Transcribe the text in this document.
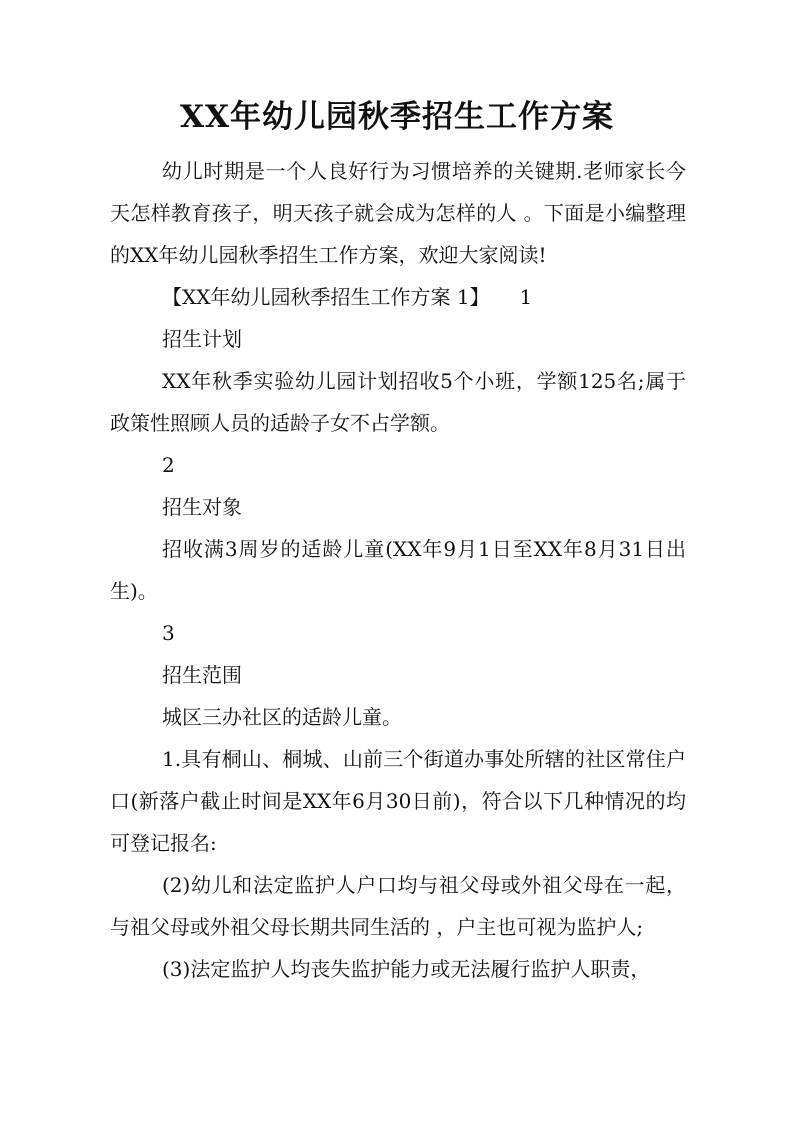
XX年幼儿园秋季招生工作方案

幼儿时期是一个人良好行为习惯培养的关键期.老师家长今天怎样教育孩子，明天孩子就会成为怎样的人 。下面是小编整理的XX年幼儿园秋季招生工作方案，欢迎大家阅读!

【XX年幼儿园秋季招生工作方案 1】　　1

招生计划

XX年秋季实验幼儿园计划招收5个小班，学额125名;属于政策性照顾人员的适龄子女不占学额。

2

招生对象

招收满3周岁的适龄儿童(XX年9月1日至XX年8月31日出生)。

3

招生范围

城区三办社区的适龄儿童。

1.具有桐山、桐城、山前三个街道办事处所辖的社区常住户口(新落户截止时间是XX年6月30日前)，符合以下几种情况的均可登记报名:

(2)幼儿和法定监护人户口均与祖父母或外祖父母在一起，与祖父母或外祖父母长期共同生活的 ，户主也可视为监护人;

(3)法定监护人均丧失监护能力或无法履行监护人职责，
